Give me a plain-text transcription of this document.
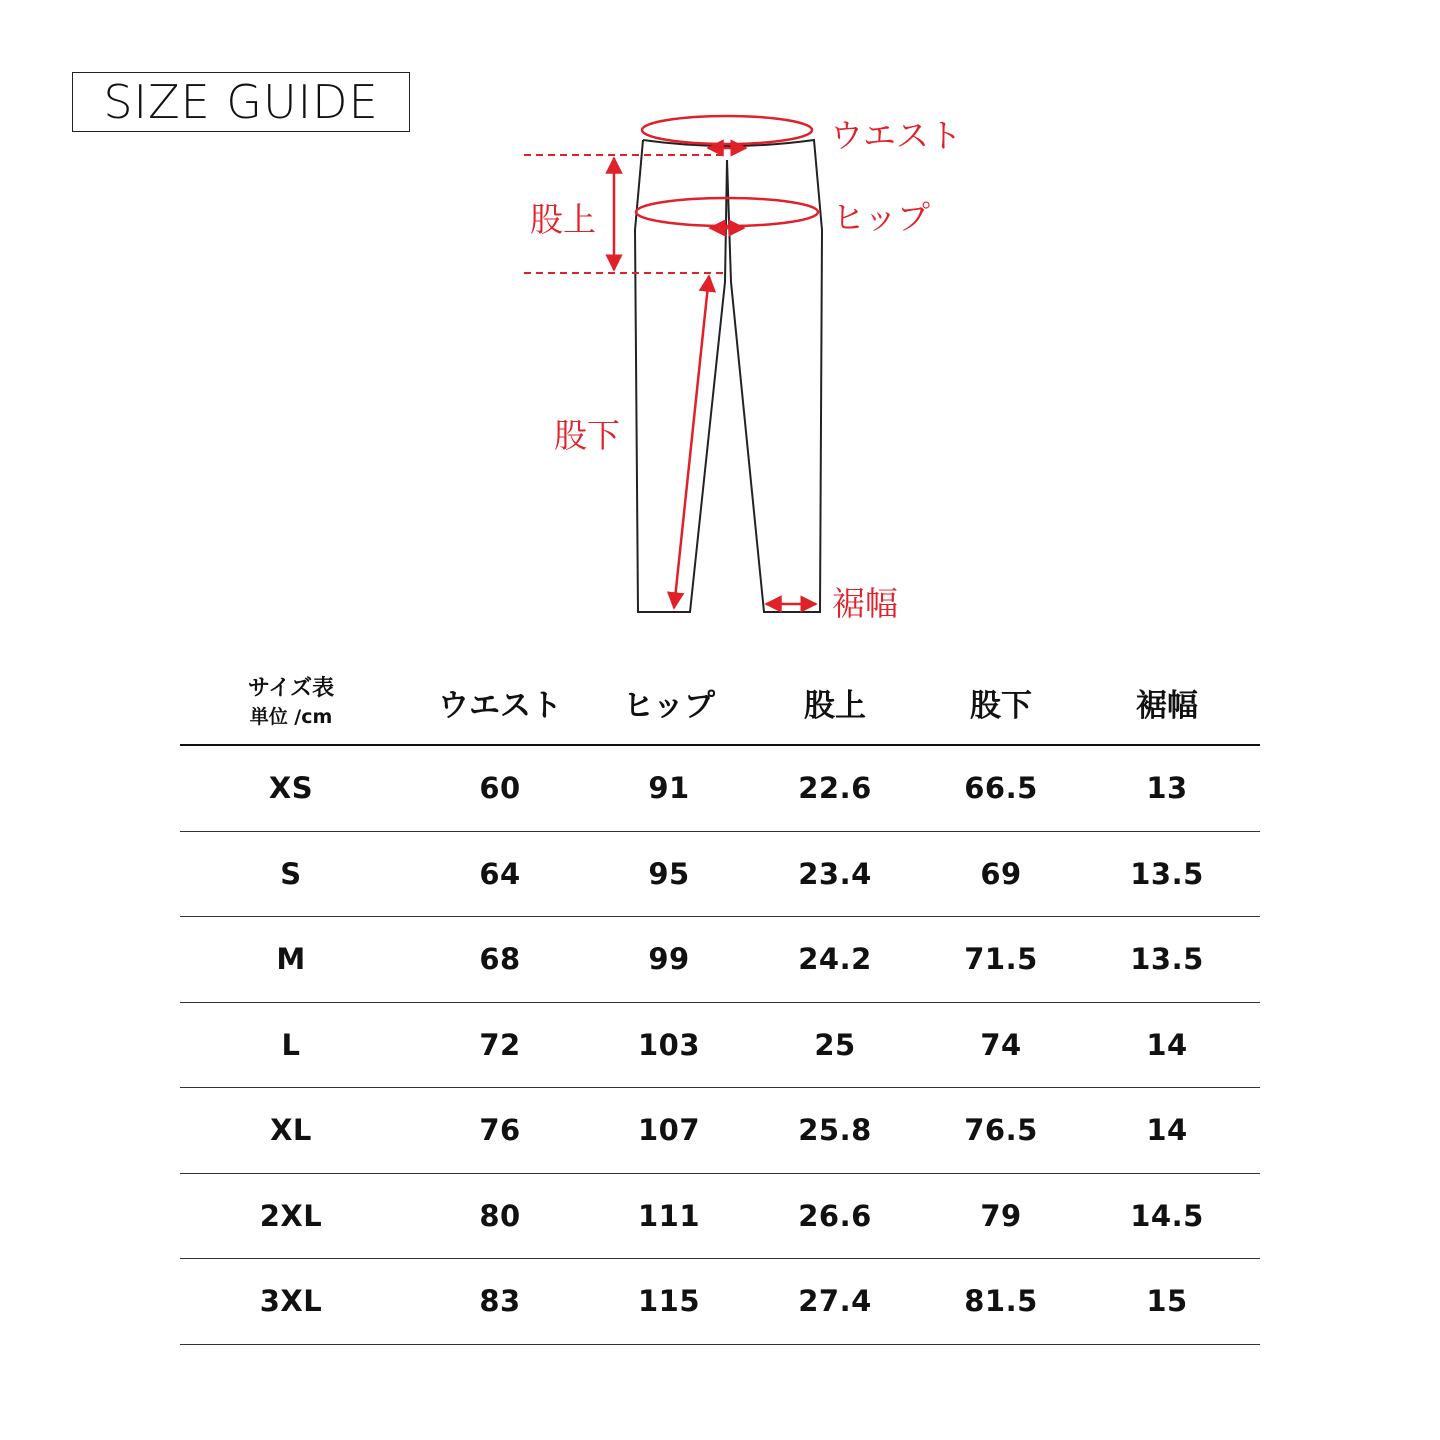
SIZE GUIDE
ウエスト
ヒップ
股上
股下
裾幅
サイズ表
単位 /cm	ウエスト	ヒップ	股上	股下	裾幅
XS	60	91	22.6	66.5	13
S	64	95	23.4	69	13.5
M	68	99	24.2	71.5	13.5
L	72	103	25	74	14
XL	76	107	25.8	76.5	14
2XL	80	111	26.6	79	14.5
3XL	83	115	27.4	81.5	15
